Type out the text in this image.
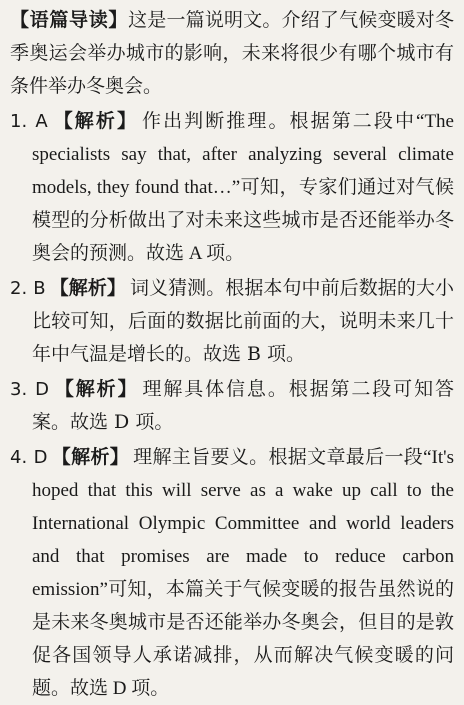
【语篇导读】这是一篇说明文。介绍了气候变暖对冬季奥运会举办城市的影响，未来将很少有哪个城市有条件举办冬奥会。

1. A 【解析】 作出判断推理。根据第二段中“The specialists say that, after analyzing several climate models, they found that…”可知，专家们通过对气候模型的分析做出了对未来这些城市是否还能举办冬奥会的预测。故选 A 项。

2. B 【解析】 词义猜测。根据本句中前后数据的大小比较可知，后面的数据比前面的大，说明未来几十年中气温是增长的。故选 B 项。

3. D 【解析】 理解具体信息。根据第二段可知答案。故选 D 项。

4. D 【解析】 理解主旨要义。根据文章最后一段“It's hoped that this will serve as a wake up call to the International Olympic Committee and world leaders and that promises are made to reduce carbon emission”可知，本篇关于气候变暖的报告虽然说的是未来冬奥城市是否还能举办冬奥会，但目的是敦促各国领导人承诺减排，从而解决气候变暖的问题。故选 D 项。
